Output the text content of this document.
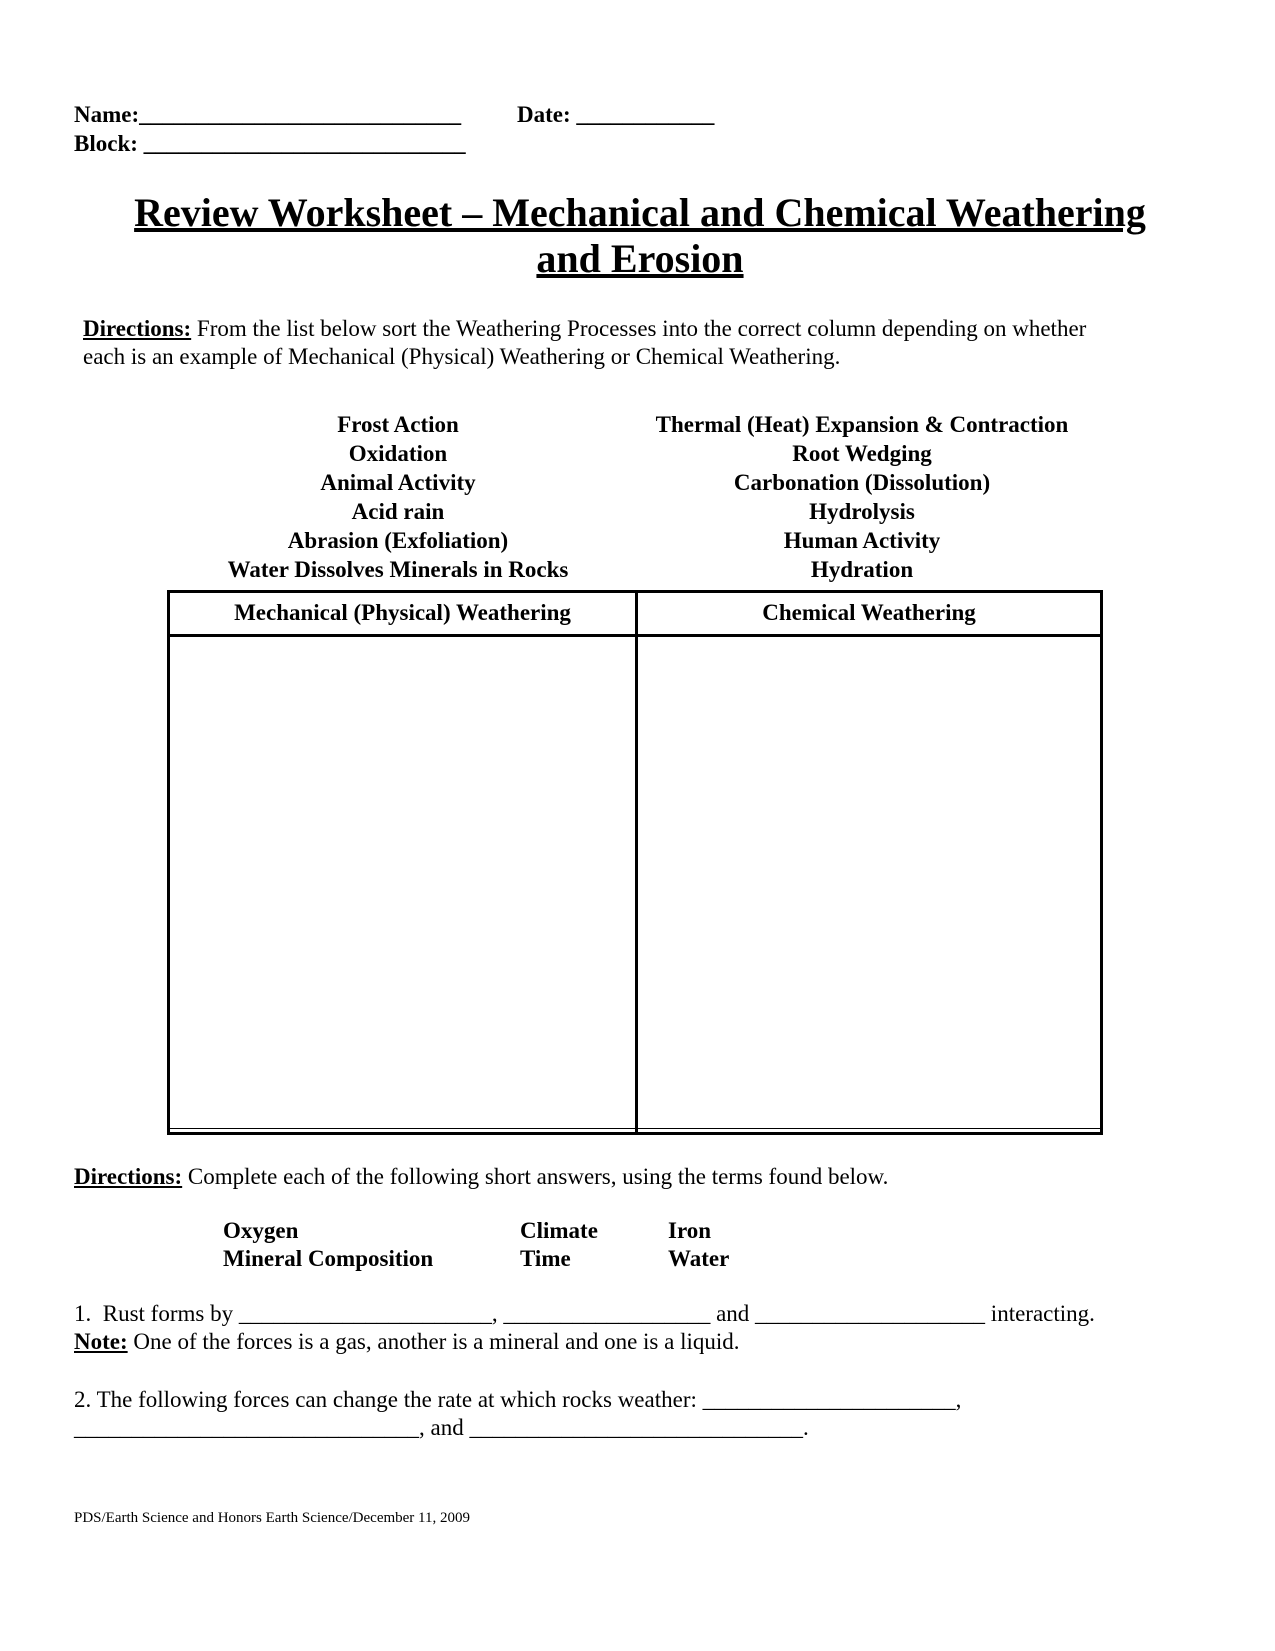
Name:____________________________ Date: ____________
Block: ____________________________
Review Worksheet – Mechanical and Chemical Weathering
and Erosion
Directions: From the list below sort the Weathering Processes into the correct column depending on whether
each is an example of Mechanical (Physical) Weathering or Chemical Weathering.
Frost Action
Oxidation
Animal Activity
Acid rain
Abrasion (Exfoliation)
Water Dissolves Minerals in Rocks
Thermal (Heat) Expansion & Contraction
Root Wedging
Carbonation (Dissolution)
Hydrolysis
Human Activity
Hydration
Mechanical (Physical) Weathering	Chemical Weathering
Directions: Complete each of the following short answers, using the terms found below.
Oxygen
Mineral Composition
Climate
Time
Iron
Water
1.  Rust forms by ______________________, __________________ and ____________________ interacting.
Note: One of the forces is a gas, another is a mineral and one is a liquid.
2. The following forces can change the rate at which rocks weather: ______________________,
______________________________, and _____________________________.
PDS/Earth Science and Honors Earth Science/December 11, 2009
